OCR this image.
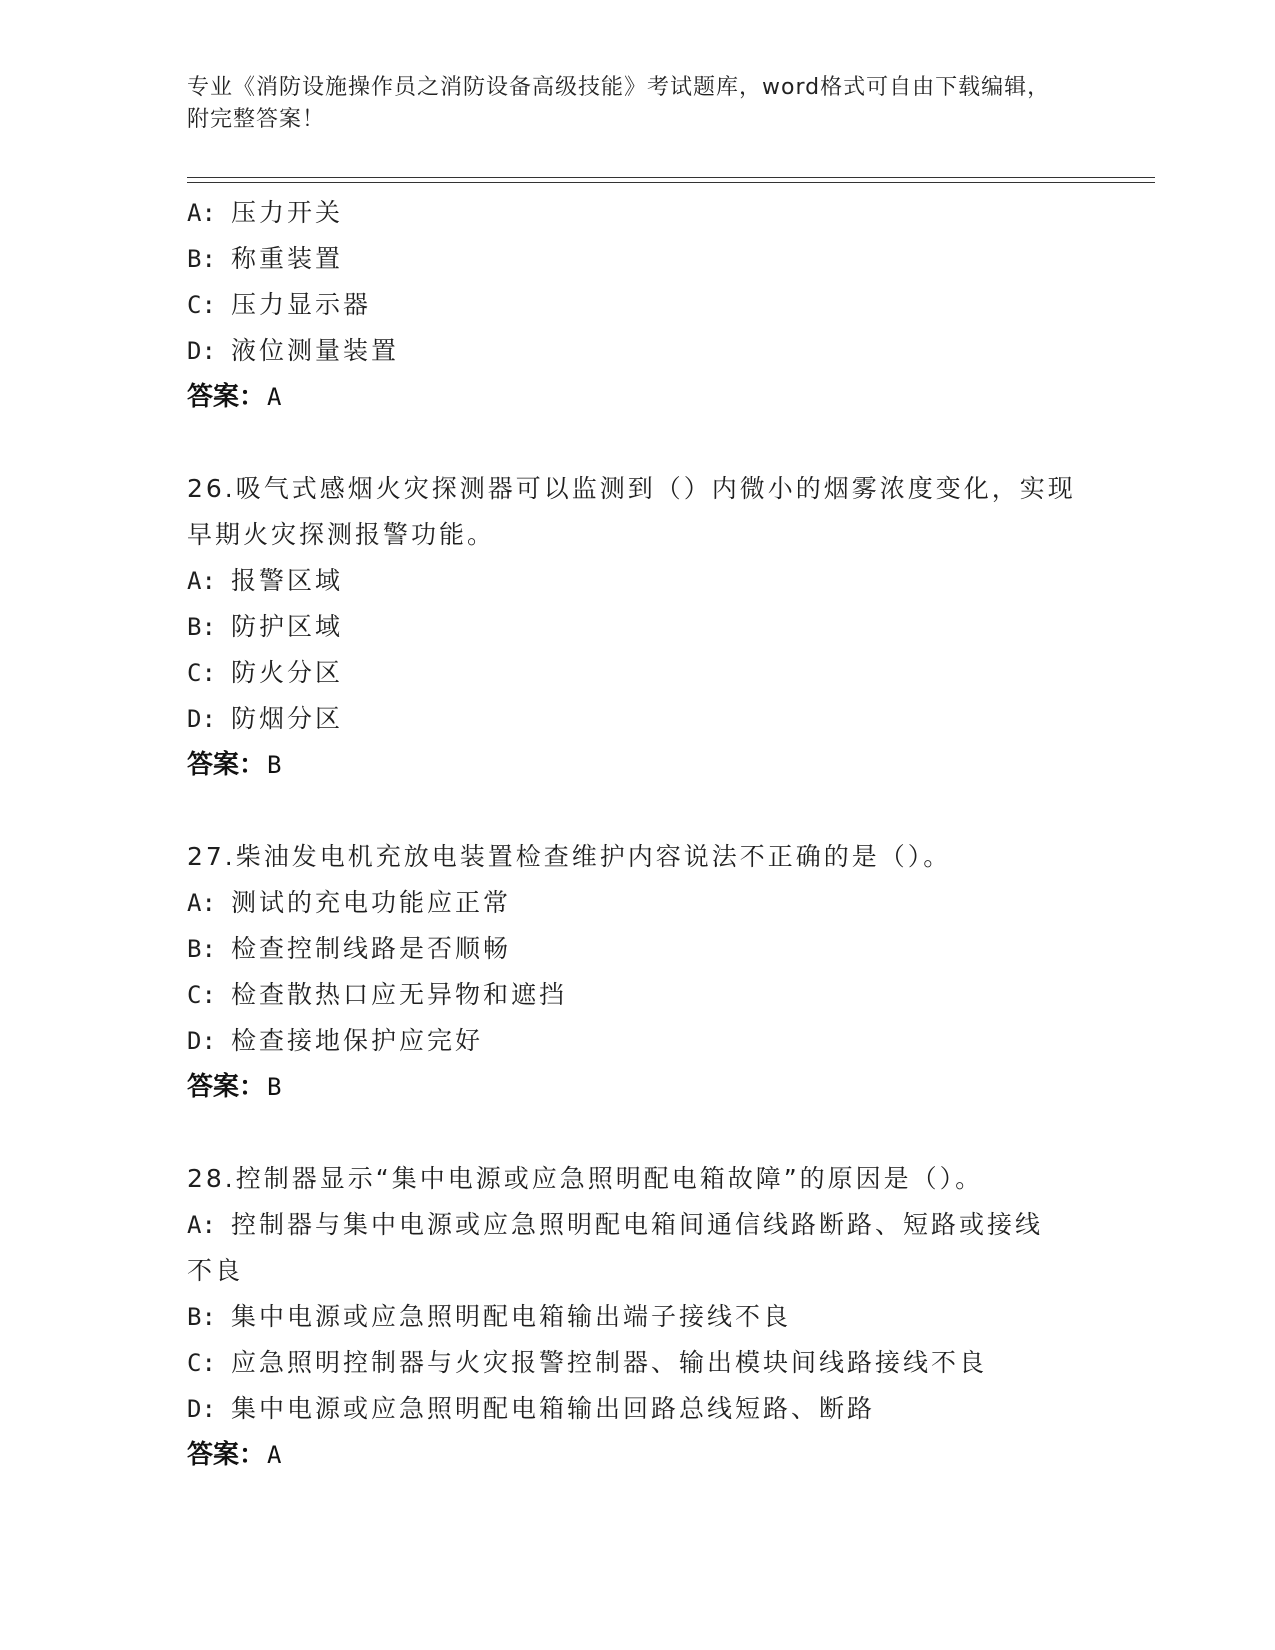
专业《消防设施操作员之消防设备高级技能》考试题库，word格式可自由下载编辑，附完整答案！
A: 压力开关
B: 称重装置
C: 压力显示器
D: 液位测量装置
答案：A
26.吸气式感烟火灾探测器可以监测到（）内微小的烟雾浓度变化，实现早期火灾探测报警功能。
A: 报警区域
B: 防护区域
C: 防火分区
D: 防烟分区
答案：B
27.柴油发电机充放电装置检查维护内容说法不正确的是（）。
A: 测试的充电功能应正常
B: 检查控制线路是否顺畅
C: 检查散热口应无异物和遮挡
D: 检查接地保护应完好
答案：B
28.控制器显示“集中电源或应急照明配电箱故障”的原因是（）。
A: 控制器与集中电源或应急照明配电箱间通信线路断路、短路或接线不良
B: 集中电源或应急照明配电箱输出端子接线不良
C: 应急照明控制器与火灾报警控制器、输出模块间线路接线不良
D: 集中电源或应急照明配电箱输出回路总线短路、断路
答案：A
